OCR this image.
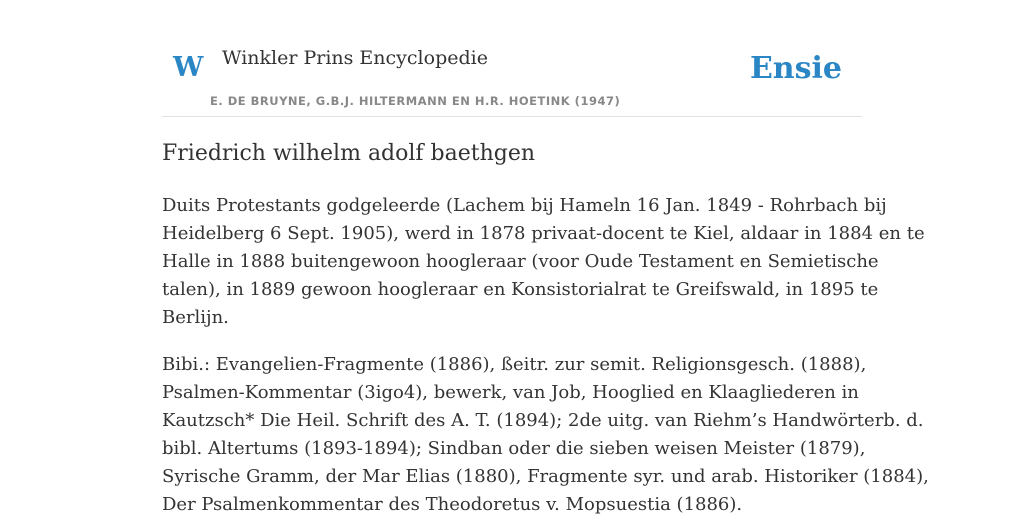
W Winkler Prins Encyclopedie
E. DE BRUYNE, G.B.J. HILTERMANN EN H.R. HOETINK (1947)
Ensie
Friedrich wilhelm adolf baethgen

Duits Protestants godgeleerde (Lachem bij Hameln 16 Jan. 1849 - Rohrbach bij
Heidelberg 6 Sept. 1905), werd in 1878 privaat-docent te Kiel, aldaar in 1884 en te
Halle in 1888 buitengewoon hoogleraar (voor Oude Testament en Semietische
talen), in 1889 gewoon hoogleraar en Konsistorialrat te Greifswald, in 1895 te
Berlijn.

Bibi.: Evangelien-Fragmente (1886), ßeitr. zur semit. Religionsgesch. (1888),
Psalmen-Kommentar (3igo4), bewerk, van Job, Hooglied en Klaagliederen in
Kautzsch* Die Heil. Schrift des A. T. (1894); 2de uitg. van Riehm’s Handwörterb. d.
bibl. Altertums (1893-1894); Sindban oder die sieben weisen Meister (1879),
Syrische Gramm, der Mar Elias (1880), Fragmente syr. und arab. Historiker (1884),
Der Psalmenkommentar des Theodoretus v. Mopsuestia (1886).
